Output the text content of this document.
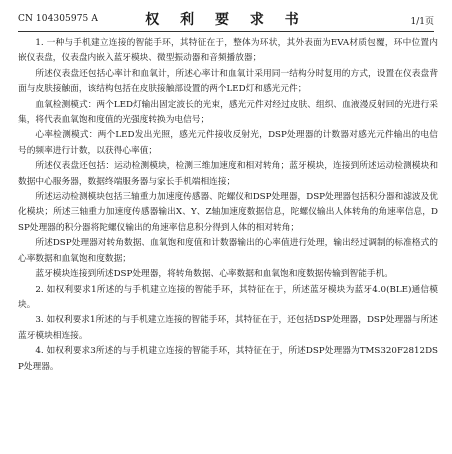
CN 104305975 A	权 利 要 求 书	1/1页

1. 一种与手机建立连接的智能手环，其特征在于，整体为环状，其外表面为EVA材质包覆，环中位置内嵌仪表盘，仪表盘内嵌入蓝牙模块、微型振动器和音频播放器；

所述仪表盘还包括心率计和血氧计，所述心率计和血氧计采用同一结构分时复用的方式，设置在仪表盘背面与皮肤接触面，该结构包括在皮肤接触部设置的两个LED灯和感光元件；

血氧检测模式：两个LED灯输出固定波长的光束，感光元件对经过皮肤、组织、血液漫反射回的光进行采集，将代表血氧饱和度值的光强度转换为电信号；

心率检测模式：两个LED发出光照，感光元件接收反射光，DSP处理器的计数器对感光元件输出的电信号的频率进行计数，以获得心率值；

所述仪表盘还包括：运动检测模块，检测三维加速度和相对转角；蓝牙模块，连接到所述运动检测模块和数据中心服务器，数据终端服务器与家长手机端相连接；

所述运动检测模块包括三轴重力加速度传感器、陀螺仪和DSP处理器，DSP处理器包括积分器和滤波及优化模块；所述三轴重力加速度传感器输出X、Y、Z轴加速度数据信息，陀螺仪输出人体转角的角速率信息，DSP处理器的积分器将陀螺仪输出的角速率信息积分得到人体的相对转角；

所述DSP处理器对转角数据、血氧饱和度值和计数器输出的心率值进行处理，输出经过调制的标准格式的心率数据和血氧饱和度数据；

蓝牙模块连接到所述DSP处理器，将转角数据、心率数据和血氧饱和度数据传输到智能手机。

2. 如权利要求1所述的与手机建立连接的智能手环，其特征在于，所述蓝牙模块为蓝牙4.0(BLE)通信模块。

3. 如权利要求1所述的与手机建立连接的智能手环，其特征在于，还包括DSP处理器，DSP处理器与所述蓝牙模块相连接。

4. 如权利要求3所述的与手机建立连接的智能手环，其特征在于，所述DSP处理器为TMS320F2812DSP处理器。
